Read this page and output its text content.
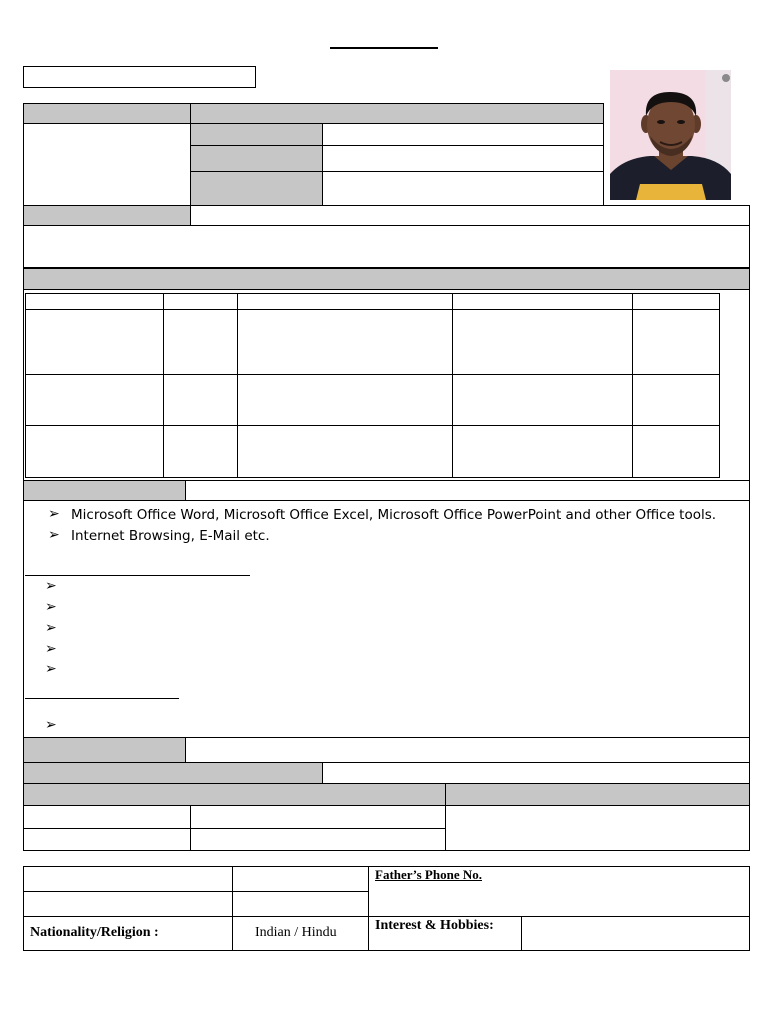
➢ Microsoft Office Word, Microsoft Office Excel, Microsoft Office PowerPoint and other Office tools.
➢ Internet Browsing, E-Mail etc.
➢
➢
➢
➢
➢
➢
Father’s Phone No.
Nationality/Religion :	Indian / Hindu	Interest & Hobbies:
